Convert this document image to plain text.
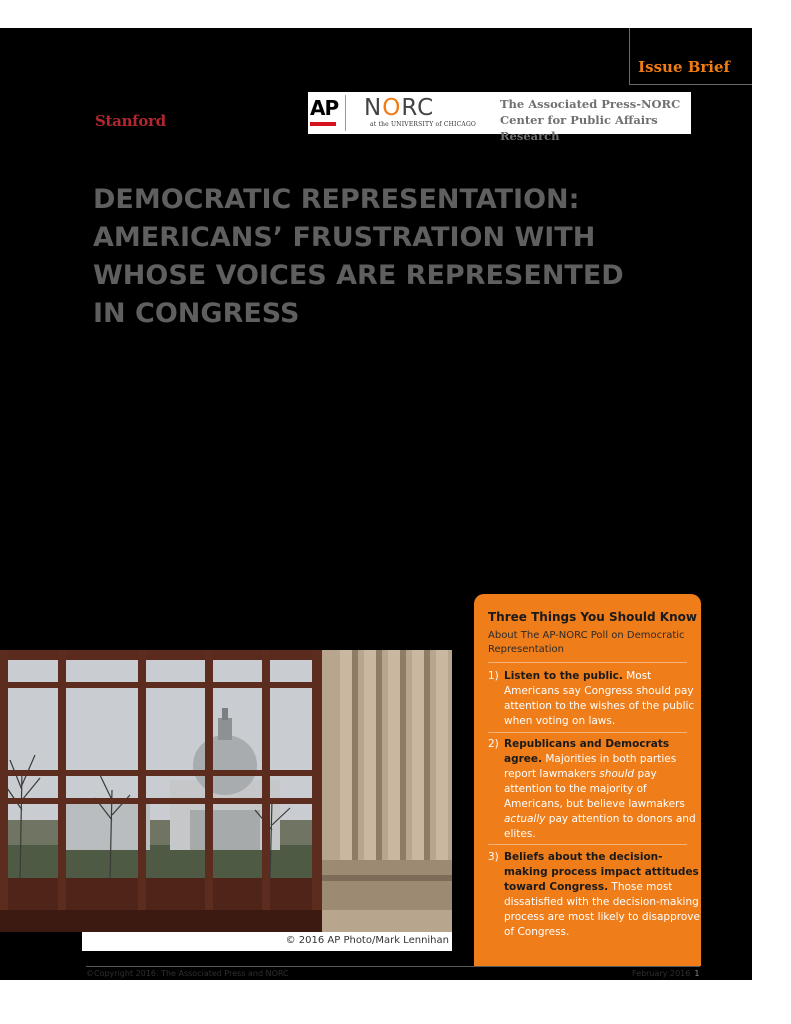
Issue Brief
Stanford
AP NORC
at the UNIVERSITY of CHICAGO
The Associated Press-NORC
Center for Public Affairs Research
DEMOCRATIC REPRESENTATION:
AMERICANS’ FRUSTRATION WITH
WHOSE VOICES ARE REPRESENTED
IN CONGRESS
© 2016 AP Photo/Mark Lennihan
Three Things You Should Know
About The AP-NORC Poll on Democratic Representation
1) Listen to the public. Most Americans say Congress should pay attention to the wishes of the public when voting on laws.
2) Republicans and Democrats agree. Majorities in both parties report lawmakers should pay attention to the majority of Americans, but believe lawmakers actually pay attention to donors and elites.
3) Beliefs about the decision-making process impact attitudes toward Congress. Those most dissatisfied with the decision-making process are most likely to disapprove of Congress.
©Copyright 2016. The Associated Press and NORC	February 2016 1
